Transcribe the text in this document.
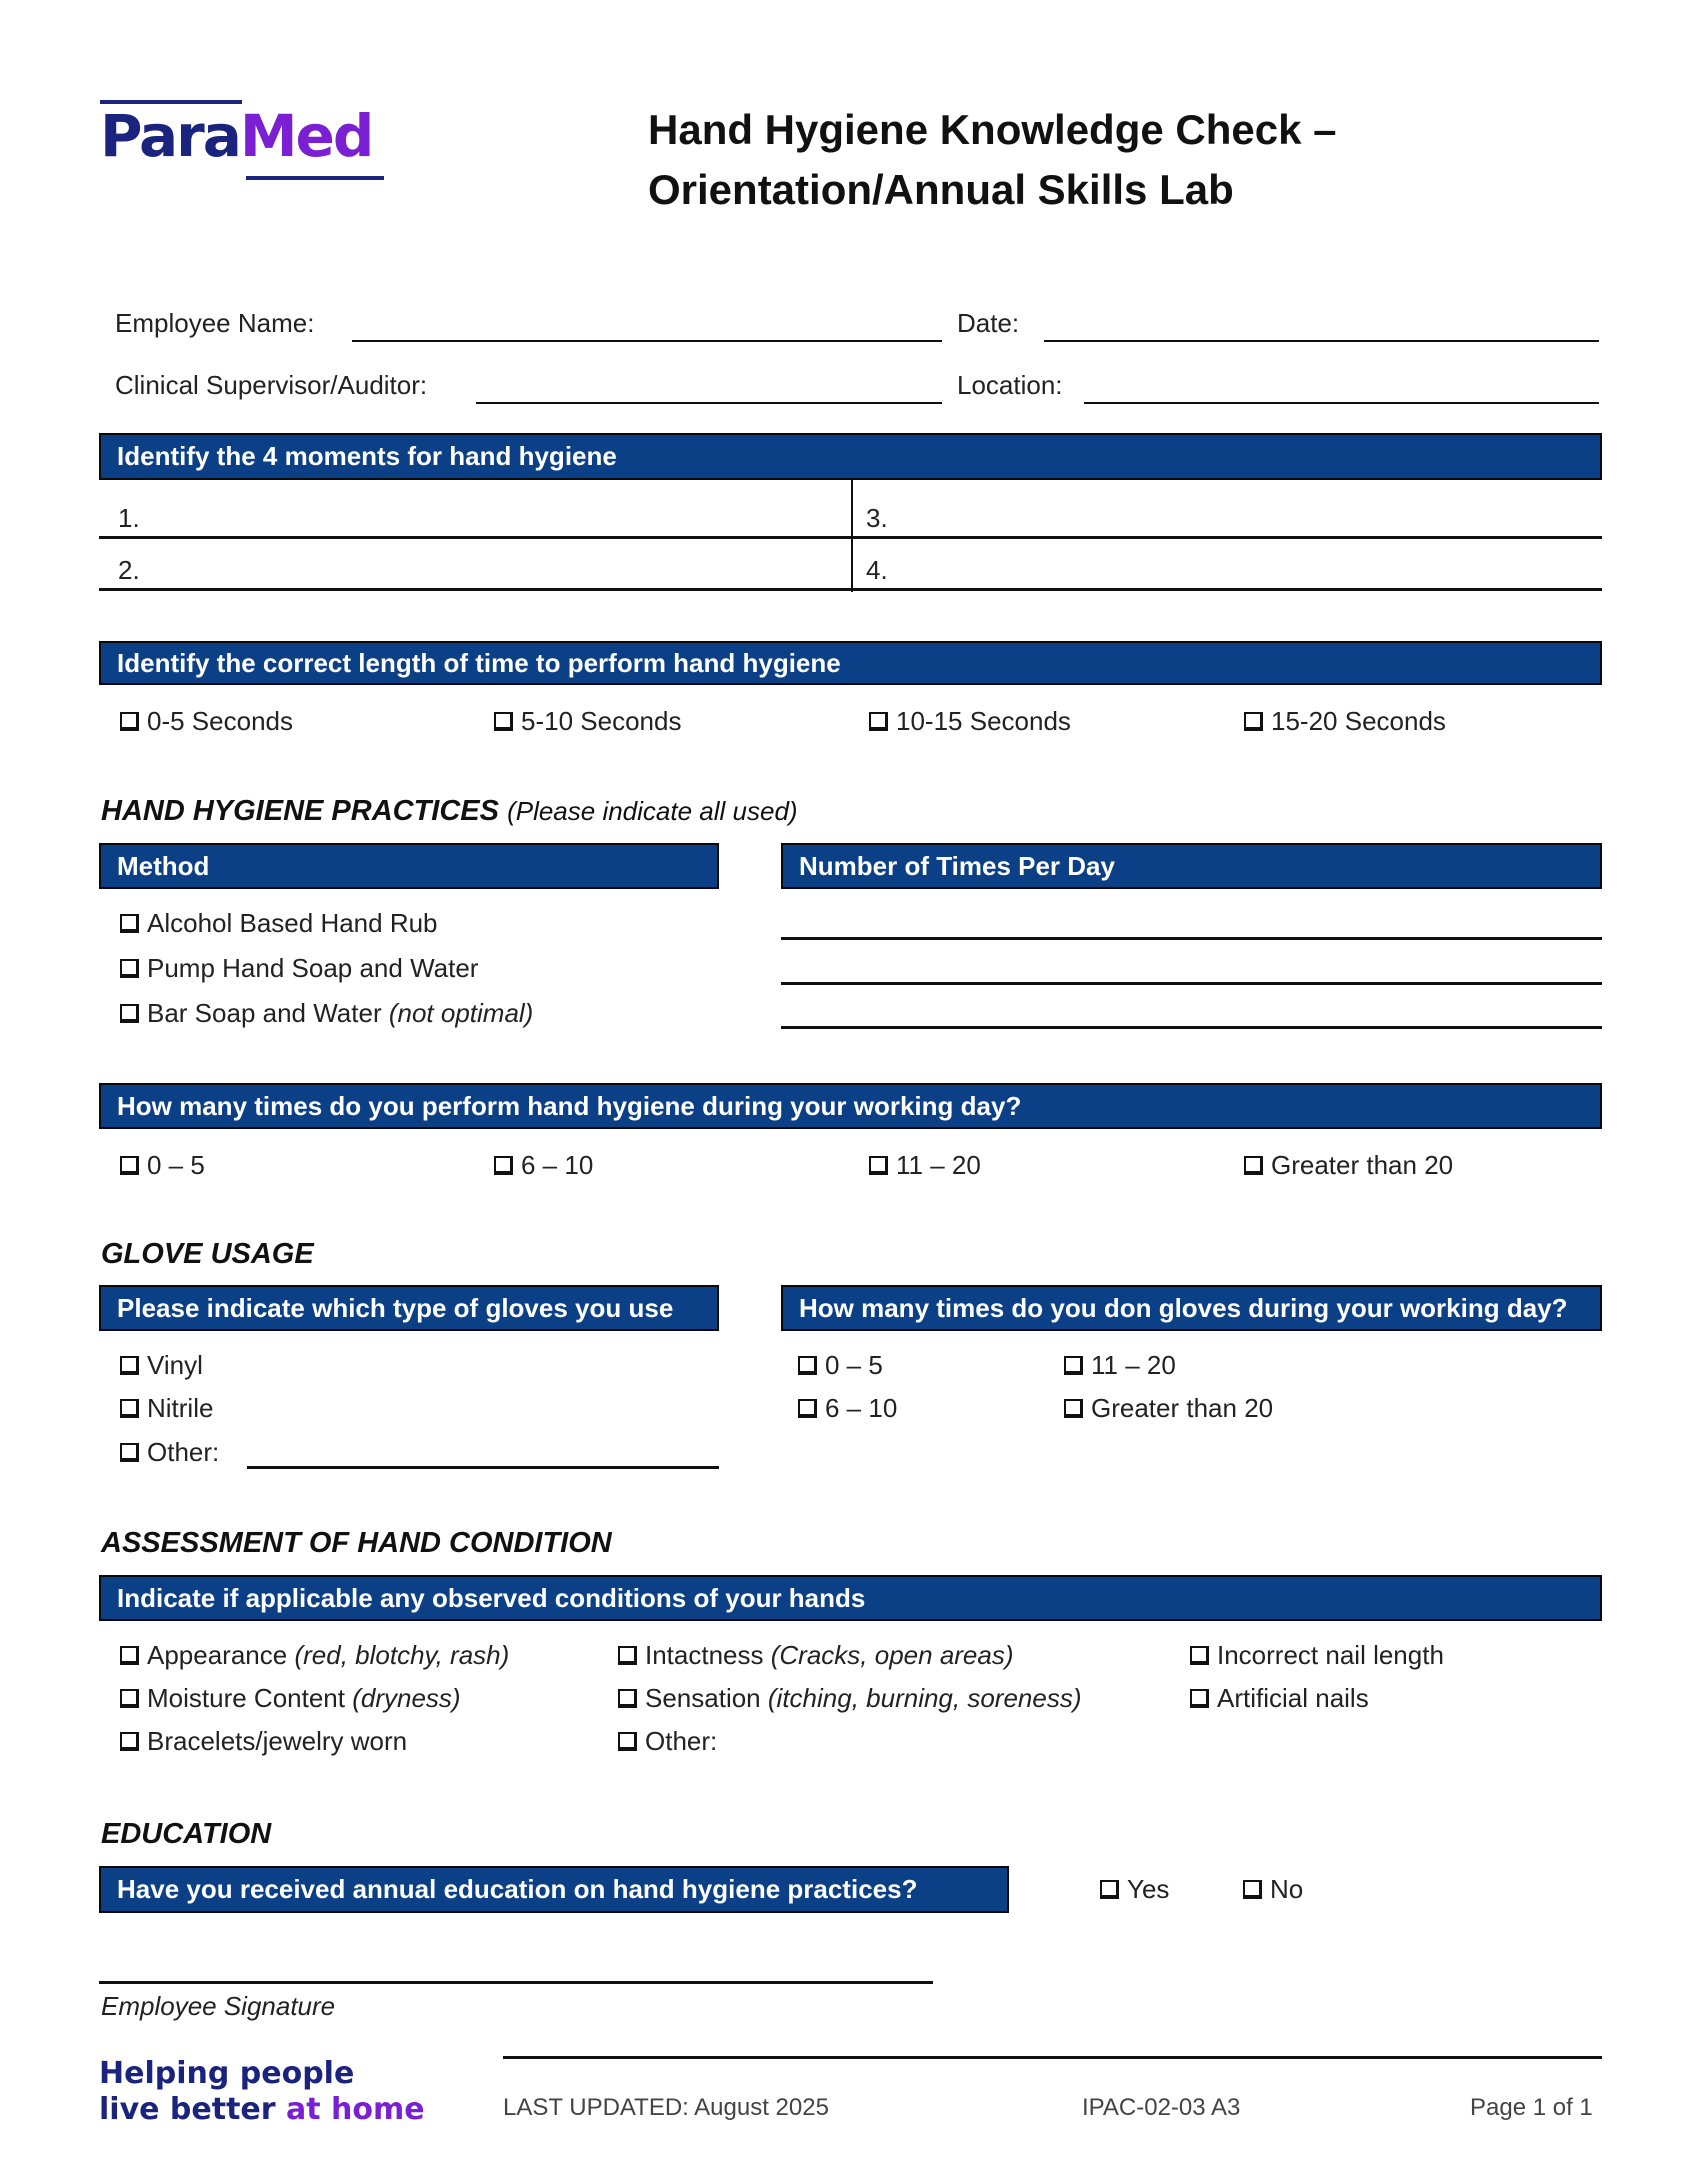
ParaMed	Hand Hygiene Knowledge Check –
Orientation/Annual Skills Lab
Employee Name:	Date:
Clinical Supervisor/Auditor:	Location:
Identify the 4 moments for hand hygiene
1.	3.
2.	4.
Identify the correct length of time to perform hand hygiene
0-5 Seconds	5-10 Seconds	10-15 Seconds	15-20 Seconds
HAND HYGIENE PRACTICES (Please indicate all used)
Method	Number of Times Per Day
Alcohol Based Hand Rub
Pump Hand Soap and Water
Bar Soap and Water
(not optimal)
How many times do you perform hand hygiene during your working day?
0 – 5	6 – 10	11 – 20	Greater than 20
GLOVE USAGE
Please indicate which type of gloves you use	How many times do you don gloves during your working day?
Vinyl
Nitrile
Other:
0 – 5
6 – 10
11 – 20
Greater than 20
ASSESSMENT OF HAND CONDITION
Indicate if applicable any observed conditions of your hands
Appearance
(red, blotchy, rash)
Moisture Content
(dryness)
Bracelets/jewelry worn
Intactness
(Cracks, open areas)
Sensation
(itching, burning, soreness)
Other:
Incorrect nail length
Artificial nails
EDUCATION
Have you received annual education on hand hygiene practices?	Yes	No
Employee Signature
Helping people
live better at home	LAST UPDATED: August 2025	IPAC-02-03 A3	Page 1 of 1
